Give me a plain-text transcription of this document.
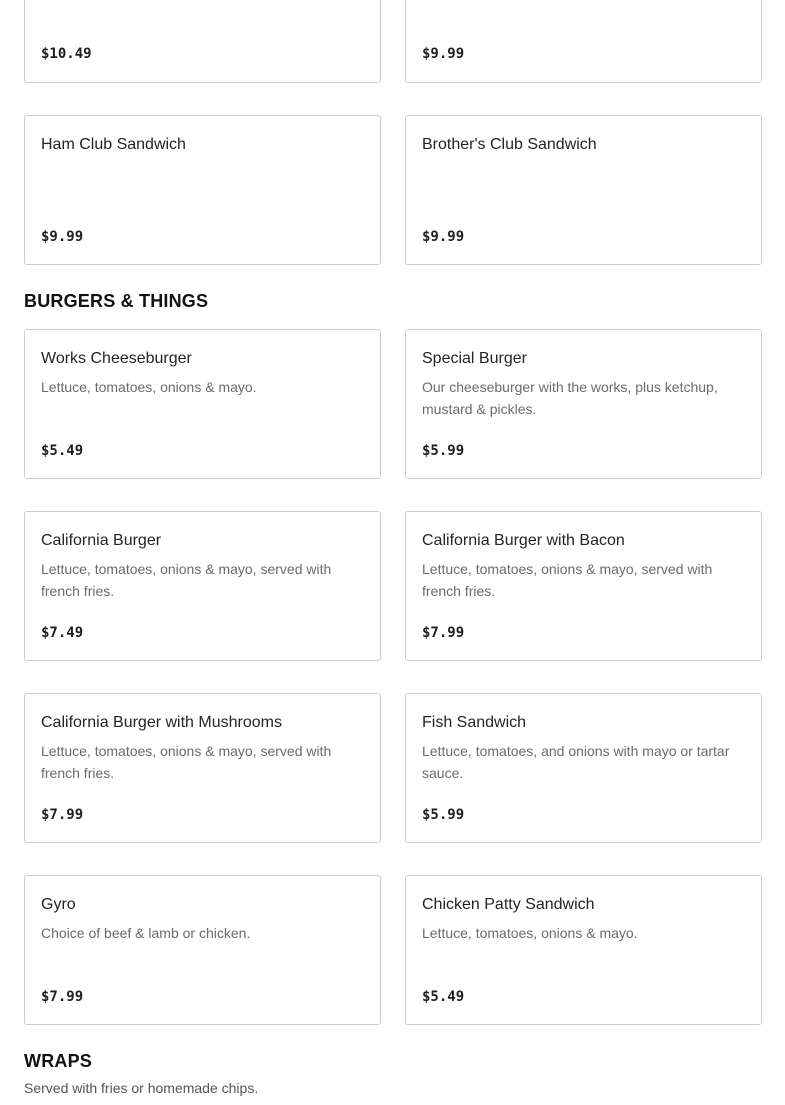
$10.49	$9.99
Ham Club Sandwich
$9.99
Brother's Club Sandwich
$9.99
BURGERS & THINGS
Works Cheeseburger
Lettuce, tomatoes, onions & mayo.
$5.49
Special Burger
Our cheeseburger with the works, plus ketchup, mustard & pickles.
$5.99
California Burger
Lettuce, tomatoes, onions & mayo, served with french fries.
$7.49
California Burger with Bacon
Lettuce, tomatoes, onions & mayo, served with french fries.
$7.99
California Burger with Mushrooms
Lettuce, tomatoes, onions & mayo, served with french fries.
$7.99
Fish Sandwich
Lettuce, tomatoes, and onions with mayo or tartar sauce.
$5.99
Gyro
Choice of beef & lamb or chicken.
$7.99
Chicken Patty Sandwich
Lettuce, tomatoes, onions & mayo.
$5.49
WRAPS
Served with fries or homemade chips.
